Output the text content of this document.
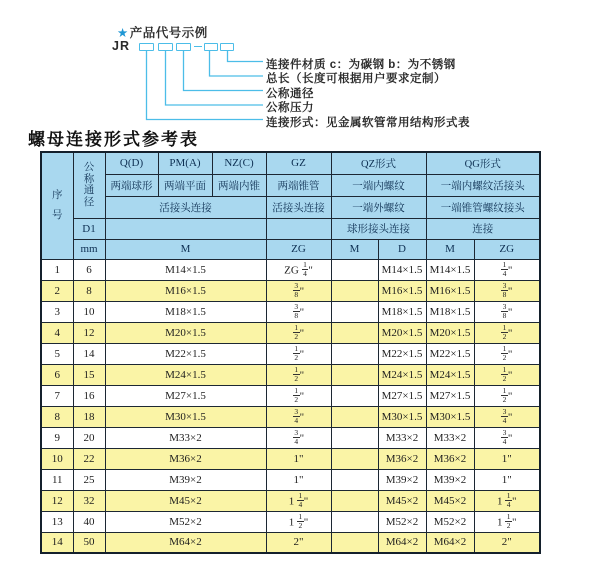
★产品代号示例
JR
连接件材质 c：为碳钢 b：为不锈钢
总长（长度可根据用户要求定制）
公称通径
公称压力
连接形式：见金属软管常用结构形式表
螺母连接形式参考表
序
号

公
称
通
径
	Q(D)	PM(A)	NZ(C)	GZ	QZ形式	QG形式
		两端球形	两端平面	两端内锥	两端锥管	一端内螺纹		一端内螺纹活接头	
		活接头连接			活接头连接	一端外螺纹		一端锥管螺纹接头	
	D1					球形接头连接		连接	
	mm	M			ZG	M	D	M	ZG
1	6	M14×1.5			ZG $\frac{1}{4}$ "		M14×1.5	M14×1.5	$\frac{1}{4}$ "
2	8	M16×1.5			$\frac{3}{8}$ "		M16×1.5	M16×1.5	$\frac{3}{8}$ "
3	10	M18×1.5			$\frac{3}{8}$ "		M18×1.5	M18×1.5	$\frac{3}{8}$ "
4	12	M20×1.5			$\frac{1}{2}$ "		M20×1.5	M20×1.5	$\frac{1}{2}$ "
5	14	M22×1.5			$\frac{1}{2}$ "		M22×1.5	M22×1.5	$\frac{1}{2}$ "
6	15	M24×1.5			$\frac{1}{2}$ "		M24×1.5	M24×1.5	$\frac{1}{2}$ "
7	16	M27×1.5			$\frac{1}{2}$ "		M27×1.5	M27×1.5	$\frac{1}{2}$ "
8	18	M30×1.5			$\frac{3}{4}$ "		M30×1.5	M30×1.5	$\frac{3}{4}$ "
9	20	M33×2			$\frac{3}{4}$ "		M33×2	M33×2	$\frac{3}{4}$ "
10	22	M36×2			1"		M36×2	M36×2	1"
11	25	M39×2			1"		M39×2	M39×2	1"
12	32	M45×2			$1 \frac{1}{4}$ "		M45×2	M45×2	$1 \frac{1}{4}$ "
13	40	M52×2			$1 \frac{1}{2}$ "		M52×2	M52×2	$1 \frac{1}{2}$ "
14	50	M64×2			2"		M64×2	M64×2	2"
